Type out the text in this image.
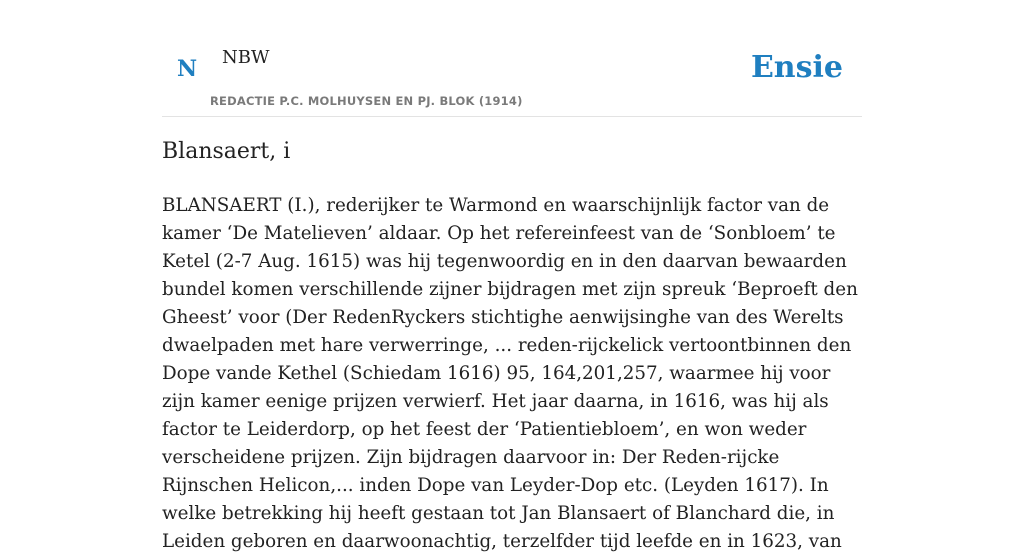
N NBW
REDACTIE P.C. MOLHUYSEN EN PJ. BLOK (1914)
Ensie
Blansaert, i

BLANSAERT (I.), rederijker te Warmond en waarschijnlijk factor van de kamer ‘De Matelieven’ aldaar. Op het refereinfeest van de ‘Sonbloem’ te Ketel (2-7 Aug. 1615) was hij tegenwoordig en in den daarvan bewaarden bundel komen verschillende zijner bijdragen met zijn spreuk ‘Beproeft den Gheest’ voor (Der RedenRyckers stichtighe aenwijsinghe van des Werelts dwaelpaden met hare verwerringe, ... reden-rijckelick vertoontbinnen den Dope vande Kethel (Schiedam 1616) 95, 164,201,257, waarmee hij voor zijn kamer eenige prijzen verwierf. Het jaar daarna, in 1616, was hij als factor te Leiderdorp, op het feest der ‘Patientiebloem’, en won weder verscheidene prijzen. Zijn bijdragen daarvoor in: Der Reden-rijcke Rijnschen Helicon,... inden Dope van Leyder-Dop etc. (Leyden 1617). In welke betrekking hij heeft gestaan tot Jan Blansaert of Blanchard die, in Leiden geboren en daarwoonachtig, terzelfder tijd leefde en in 1623, van
